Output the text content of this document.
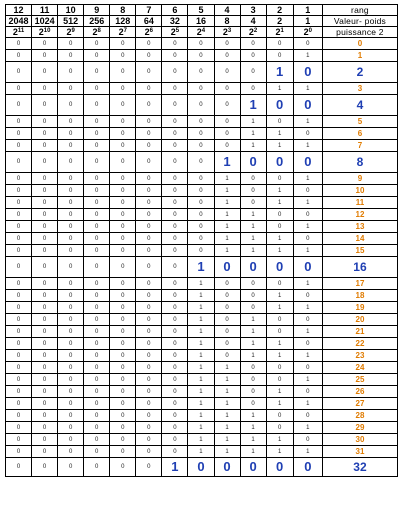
12	11	10	9	8	7	6	5	4	3	2	1	rang
2048	1024	512	256	128	64	32	16	8	4	2	1	Valeur- poids
$2^{11}$	$2^{10}$	$2^9$	$2^8$	$2^7$	$2^6$	$2^5$	$2^4$	$2^3$	$2^2$	$2^1$	$2^0$	puissance 2
0	0	0	0	0	0	0	0	0	0	0	0	0
0	0	0	0	0	0	0	0	0	0	0	1	1
0	0	0	0	0	0	0	0	0	0	1	0	2
0	0	0	0	0	0	0	0	0	0	1	1	3
0	0	0	0	0	0	0	0	0	1	0	0	4
0	0	0	0	0	0	0	0	0	1	0	1	5
0	0	0	0	0	0	0	0	0	1	1	0	6
0	0	0	0	0	0	0	0	0	1	1	1	7
0	0	0	0	0	0	0	0	1	0	0	0	8
0	0	0	0	0	0	0	0	1	0	0	1	9
0	0	0	0	0	0	0	0	1	0	1	0	10
0	0	0	0	0	0	0	0	1	0	1	1	11
0	0	0	0	0	0	0	0	1	1	0	0	12
0	0	0	0	0	0	0	0	1	1	0	1	13
0	0	0	0	0	0	0	0	1	1	1	0	14
0	0	0	0	0	0	0	0	1	1	1	1	15
0	0	0	0	0	0	0	1	0	0	0	0	16
0	0	0	0	0	0	0	1	0	0	0	1	17
0	0	0	0	0	0	0	1	0	0	1	0	18
0	0	0	0	0	0	0	1	0	0	1	1	19
0	0	0	0	0	0	0	1	0	1	0	0	20
0	0	0	0	0	0	0	1	0	1	0	1	21
0	0	0	0	0	0	0	1	0	1	1	0	22
0	0	0	0	0	0	0	1	0	1	1	1	23
0	0	0	0	0	0	0	1	1	0	0	0	24
0	0	0	0	0	0	0	1	1	0	0	1	25
0	0	0	0	0	0	0	1	1	0	1	0	26
0	0	0	0	0	0	0	1	1	0	1	1	27
0	0	0	0	0	0	0	1	1	1	0	0	28
0	0	0	0	0	0	0	1	1	1	0	1	29
0	0	0	0	0	0	0	1	1	1	1	0	30
0	0	0	0	0	0	0	1	1	1	1	1	31
0	0	0	0	0	0	1	0	0	0	0	0	32
